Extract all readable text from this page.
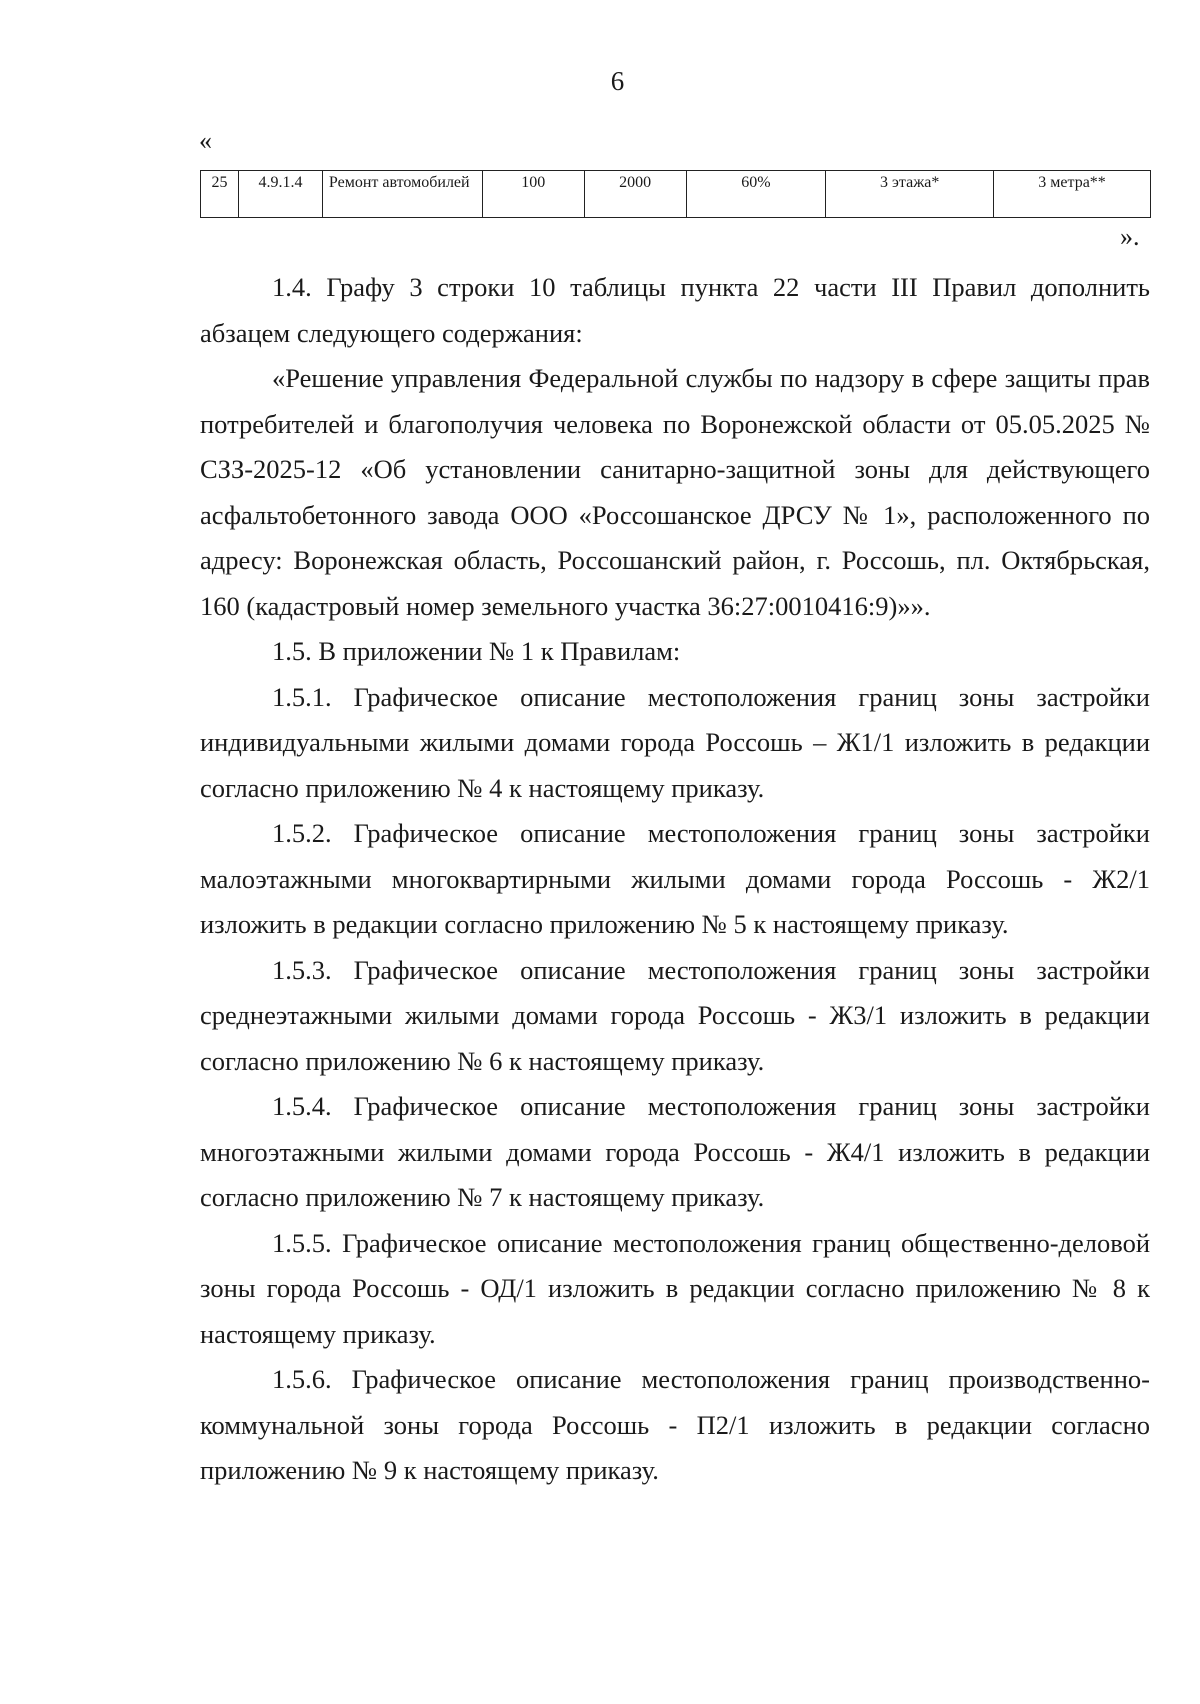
6
«
25	4.9.1.4	Ремонт автомобилей	100	2000	60%	3 этажа*	3 метра**
».

1.4. Графу 3 строки 10 таблицы пункта 22 части III Правил дополнить абзацем следующего содержания:

«Решение управления Федеральной службы по надзору в сфере защиты прав потребителей и благополучия человека по Воронежской области от 05.05.2025 № СЗЗ-2025-12 «Об установлении санитарно-защитной зоны для действующего асфальтобетонного завода ООО «Россошанское ДРСУ № 1», расположенного по адресу: Воронежская область, Россошанский район, г. Россошь, пл. Октябрьская, 160 (кадастровый номер земельного участка 36:27:0010416:9)»».

1.5. В приложении № 1 к Правилам:

1.5.1. Графическое описание местоположения границ зоны застройки индивидуальными жилыми домами города Россошь – Ж1/1 изложить в редакции согласно приложению № 4 к настоящему приказу.

1.5.2. Графическое описание местоположения границ зоны застройки малоэтажными многоквартирными жилыми домами города Россошь - Ж2/1 изложить в редакции согласно приложению № 5 к настоящему приказу.

1.5.3. Графическое описание местоположения границ зоны застройки среднеэтажными жилыми домами города Россошь - Ж3/1 изложить в редакции согласно приложению № 6 к настоящему приказу.

1.5.4. Графическое описание местоположения границ зоны застройки многоэтажными жилыми домами города Россошь - Ж4/1 изложить в редакции согласно приложению № 7 к настоящему приказу.

1.5.5. Графическое описание местоположения границ общественно-деловой зоны города Россошь - ОД/1 изложить в редакции согласно приложению № 8 к настоящему приказу.

1.5.6. Графическое описание местоположения границ производственно-коммунальной зоны города Россошь - П2/1 изложить в редакции согласно приложению № 9 к настоящему приказу.
